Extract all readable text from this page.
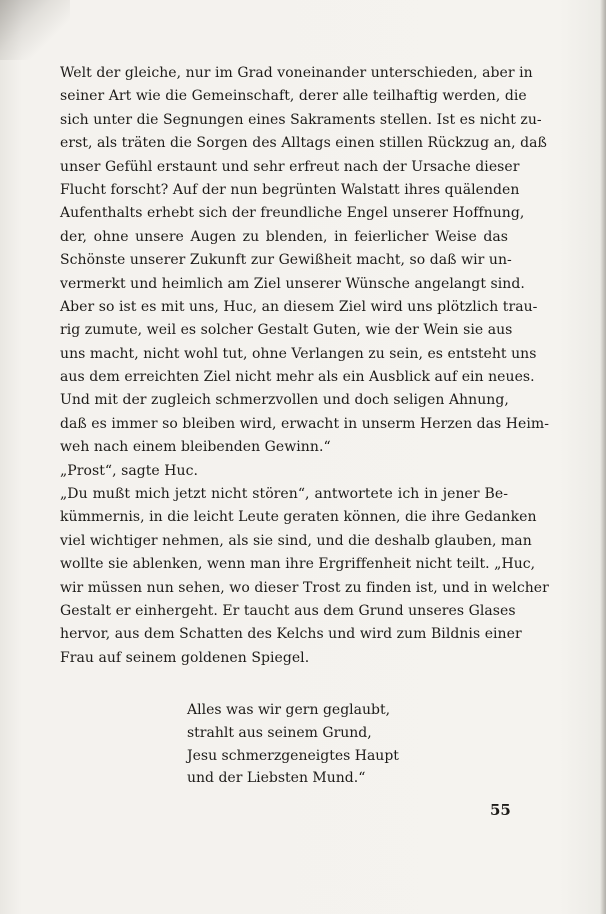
Welt der gleiche, nur im Grad voneinander unterschieden, aber in
seiner Art wie die Gemeinschaft, derer alle teilhaftig werden, die
sich unter die Segnungen eines Sakraments stellen. Ist es nicht zu-
erst, als träten die Sorgen des Alltags einen stillen Rückzug an, daß
unser Gefühl erstaunt und sehr erfreut nach der Ursache dieser
Flucht forscht? Auf der nun begrünten Walstatt ihres quälenden
Aufenthalts erhebt sich der freundliche Engel unserer Hoffnung,
der, ohne unsere Augen zu blenden, in feierlicher Weise das
Schönste unserer Zukunft zur Gewißheit macht, so daß wir un-
vermerkt und heimlich am Ziel unserer Wünsche angelangt sind.
Aber so ist es mit uns, Huc, an diesem Ziel wird uns plötzlich trau-
rig zumute, weil es solcher Gestalt Guten, wie der Wein sie aus
uns macht, nicht wohl tut, ohne Verlangen zu sein, es entsteht uns
aus dem erreichten Ziel nicht mehr als ein Ausblick auf ein neues.
Und mit der zugleich schmerzvollen und doch seligen Ahnung,
daß es immer so bleiben wird, erwacht in unserm Herzen das Heim-
weh nach einem bleibenden Gewinn.“
„Prost“, sagte Huc.
„Du mußt mich jetzt nicht stören“, antwortete ich in jener Be-
kümmernis, in die leicht Leute geraten können, die ihre Gedanken
viel wichtiger nehmen, als sie sind, und die deshalb glauben, man
wollte sie ablenken, wenn man ihre Ergriffenheit nicht teilt. „Huc,
wir müssen nun sehen, wo dieser Trost zu finden ist, und in welcher
Gestalt er einhergeht. Er taucht aus dem Grund unseres Glases
hervor, aus dem Schatten des Kelchs und wird zum Bildnis einer
Frau auf seinem goldenen Spiegel.
Alles was wir gern geglaubt,
strahlt aus seinem Grund,
Jesu schmerzgeneigtes Haupt
und der Liebsten Mund.“
55
